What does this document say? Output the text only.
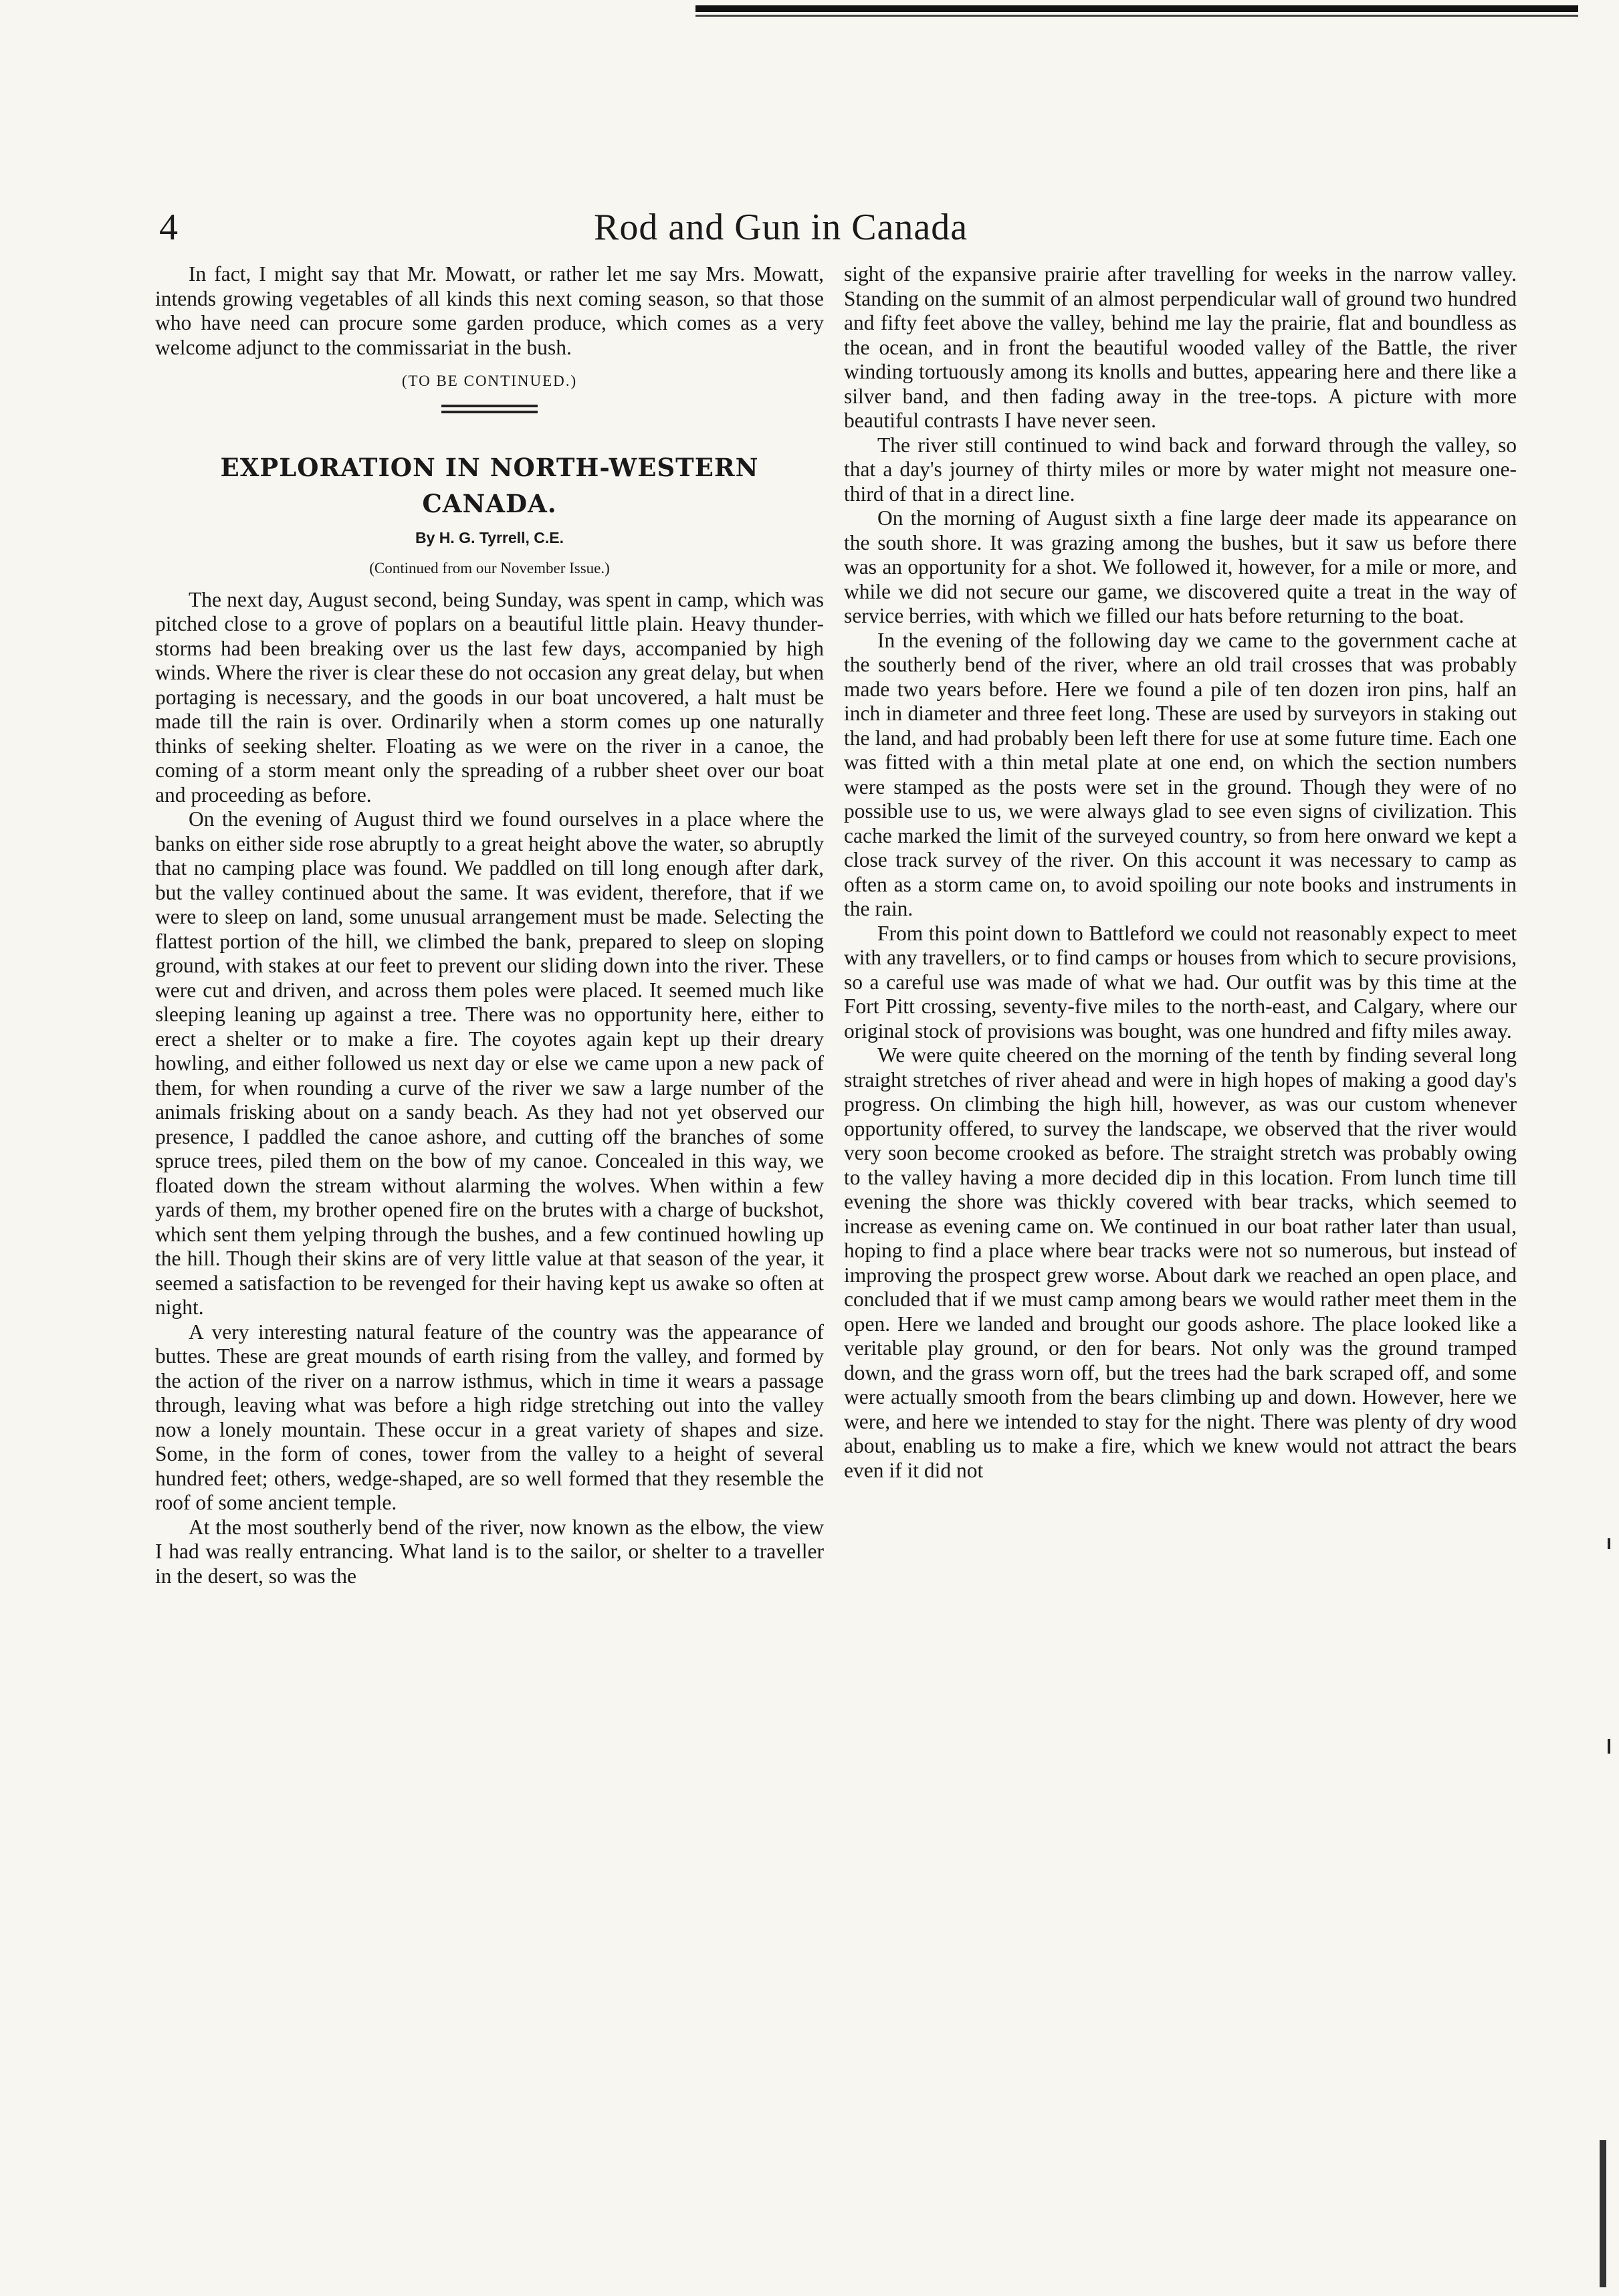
4	Rod and Gun in Canada

In fact, I might say that Mr. Mowatt, or rather let me say Mrs. Mowatt, intends growing vegetables of all kinds this next coming season, so that those who have need can procure some garden produce, which comes as a very welcome adjunct to the commissariat in the bush.

(TO BE CONTINUED.)
EXPLORATION IN NORTH-WESTERN CANADA.
By H. G. Tyrrell, C.E.
(Continued from our November Issue.)

The next day, August second, being Sunday, was spent in camp, which was pitched close to a grove of poplars on a beautiful little plain. Heavy thunder-storms had been breaking over us the last few days, accompanied by high winds. Where the river is clear these do not occasion any great delay, but when portaging is necessary, and the goods in our boat uncovered, a halt must be made till the rain is over. Ordinarily when a storm comes up one naturally thinks of seeking shelter. Floating as we were on the river in a canoe, the coming of a storm meant only the spreading of a rubber sheet over our boat and proceeding as before.

On the evening of August third we found ourselves in a place where the banks on either side rose abruptly to a great height above the water, so abruptly that no camping place was found. We paddled on till long enough after dark, but the valley continued about the same. It was evident, therefore, that if we were to sleep on land, some unusual arrangement must be made. Selecting the flattest portion of the hill, we climbed the bank, prepared to sleep on sloping ground, with stakes at our feet to prevent our sliding down into the river. These were cut and driven, and across them poles were placed. It seemed much like sleeping leaning up against a tree. There was no opportunity here, either to erect a shelter or to make a fire. The coyotes again kept up their dreary howling, and either followed us next day or else we came upon a new pack of them, for when rounding a curve of the river we saw a large number of the animals frisking about on a sandy beach. As they had not yet observed our presence, I paddled the canoe ashore, and cutting off the branches of some spruce trees, piled them on the bow of my canoe. Concealed in this way, we floated down the stream without alarming the wolves. When within a few yards of them, my brother opened fire on the brutes with a charge of buckshot, which sent them yelping through the bushes, and a few continued howling up the hill. Though their skins are of very little value at that season of the year, it seemed a satisfaction to be revenged for their having kept us awake so often at night.

A very interesting natural feature of the country was the appearance of buttes. These are great mounds of earth rising from the valley, and formed by the action of the river on a narrow isthmus, which in time it wears a passage through, leaving what was before a high ridge stretching out into the valley now a lonely mountain. These occur in a great variety of shapes and size. Some, in the form of cones, tower from the valley to a height of several hundred feet; others, wedge-shaped, are so well formed that they resemble the roof of some ancient temple.

At the most southerly bend of the river, now known as the elbow, the view I had was really entrancing. What land is to the sailor, or shelter to a traveller in the desert, so was the

sight of the expansive prairie after travelling for weeks in the narrow valley. Standing on the summit of an almost perpendicular wall of ground two hundred and fifty feet above the valley, behind me lay the prairie, flat and boundless as the ocean, and in front the beautiful wooded valley of the Battle, the river winding tortuously among its knolls and buttes, appearing here and there like a silver band, and then fading away in the tree-tops. A picture with more beautiful contrasts I have never seen.

The river still continued to wind back and forward through the valley, so that a day's journey of thirty miles or more by water might not measure one-third of that in a direct line.

On the morning of August sixth a fine large deer made its appearance on the south shore. It was grazing among the bushes, but it saw us before there was an opportunity for a shot. We followed it, however, for a mile or more, and while we did not secure our game, we discovered quite a treat in the way of service berries, with which we filled our hats before returning to the boat.

In the evening of the following day we came to the government cache at the southerly bend of the river, where an old trail crosses that was probably made two years before. Here we found a pile of ten dozen iron pins, half an inch in diameter and three feet long. These are used by surveyors in staking out the land, and had probably been left there for use at some future time. Each one was fitted with a thin metal plate at one end, on which the section numbers were stamped as the posts were set in the ground. Though they were of no possible use to us, we were always glad to see even signs of civilization. This cache marked the limit of the surveyed country, so from here onward we kept a close track survey of the river. On this account it was necessary to camp as often as a storm came on, to avoid spoiling our note books and instruments in the rain.

From this point down to Battleford we could not reasonably expect to meet with any travellers, or to find camps or houses from which to secure provisions, so a careful use was made of what we had. Our outfit was by this time at the Fort Pitt crossing, seventy-five miles to the north-east, and Calgary, where our original stock of provisions was bought, was one hundred and fifty miles away.

We were quite cheered on the morning of the tenth by finding several long straight stretches of river ahead and were in high hopes of making a good day's progress. On climbing the high hill, however, as was our custom whenever opportunity offered, to survey the landscape, we observed that the river would very soon become crooked as before. The straight stretch was probably owing to the valley having a more decided dip in this location. From lunch time till evening the shore was thickly covered with bear tracks, which seemed to increase as evening came on. We continued in our boat rather later than usual, hoping to find a place where bear tracks were not so numerous, but instead of improving the prospect grew worse. About dark we reached an open place, and concluded that if we must camp among bears we would rather meet them in the open. Here we landed and brought our goods ashore. The place looked like a veritable play ground, or den for bears. Not only was the ground tramped down, and the grass worn off, but the trees had the bark scraped off, and some were actually smooth from the bears climbing up and down. However, here we were, and here we intended to stay for the night. There was plenty of dry wood about, enabling us to make a fire, which we knew would not attract the bears even if it did not
